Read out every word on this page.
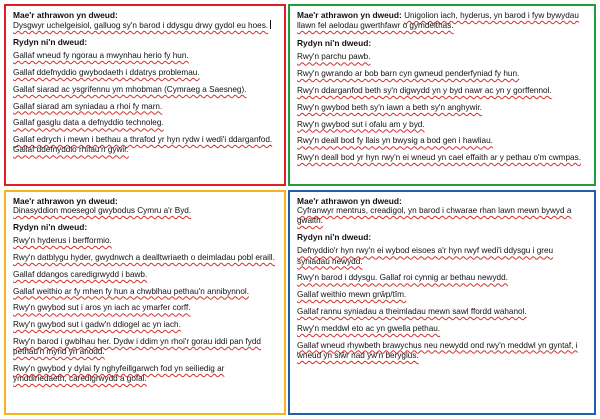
Mae'r athrawon yn dweud:

Dysgwyr uchelgeisiol, galluog sy'n barod i ddysgu drwy gydol eu hoes.

Rydyn ni'n dweud:

Gallaf wneud fy ngorau a mwynhau herio fy hun.
Gallaf ddefnyddio gwybodaeth i ddatrys problemau.
Gallaf siarad ac ysgrifennu ym mhobman (Cymraeg a Saesneg).
Gallaf siarad am syniadau a rhoi fy marn.
Gallaf gasglu data a defnyddio technoleg.
Gallaf edrych i mewn i bethau a thrafod yr hyn rydw i wedi'i ddarganfod. Gallaf ddefnyddio rhifau'n gywir.

Mae'r athrawon yn dweud: Unigolion iach, hyderus, yn barod i fyw bywydau llawn fel aelodau gwerthfawr o gymdeithas.

Rydyn ni'n dweud:

Rwy'n parchu pawb.
Rwy'n gwrando ar bob barn cyn gwneud penderfyniad fy hun.
Rwy'n ddarganfod beth sy'n digwydd yn y byd nawr ac yn y gorffennol.
Rwy'n gwybod beth sy'n iawn a beth sy'n anghywir.
Rwy'n gwybod sut i ofalu am y byd.
Rwy'n deall bod fy llais yn bwysig a bod gen i hawliau.
Rwy'n deall bod yr hyn rwy'n ei wneud yn cael effaith ar y pethau o'm cwmpas.

Mae'r athrawon yn dweud:

Dinasyddion moesegol gwybodus Cymru a'r Byd.

Rydyn ni'n dweud:

Rwy'n hyderus i berfformio.
Rwy'n datblygu hyder, gwydnwch a dealltwriaeth o deimladau pobl eraill.
Gallaf ddangos caredigrwydd i bawb.
Gallaf weithio ar fy mhen fy hun a chwblhau pethau'n annibynnol.
Rwy'n gwybod sut i aros yn iach ac ymarfer corff.
Rwy'n gwybod sut i gadw'n ddiogel ac yn iach.
Rwy'n barod i gwblhau her. Dydw i ddim yn rhoi'r gorau iddi pan fydd pethau'n mynd yn anodd.
Rwy'n gwybod y dylai fy nghyfeillgarwch fod yn seiliedig ar ymddiriedaeth, caredigrwydd a gofal.

Mae'r athrawon yn dweud:

Cyfranwyr mentrus, creadigol, yn barod i chwarae rhan lawn mewn bywyd a gwaith.

Rydyn ni'n dweud:

Defnyddio'r hyn rwy'n ei wybod eisoes a'r hyn rwyf wedi'i ddysgu i greu syniadau newydd.
Rwy'n barod i ddysgu. Gallaf roi cynnig ar bethau newydd.
Gallaf weithio mewn grŵp/tîm.
Gallaf rannu syniadau a theimladau mewn sawl ffordd wahanol.
Rwy'n meddwl eto ac yn gwella pethau.
Gallaf wneud rhywbeth brawychus neu newydd ond rwy'n meddwl yn gyntaf, i wneud yn siŵr nad yw'n beryglus.
